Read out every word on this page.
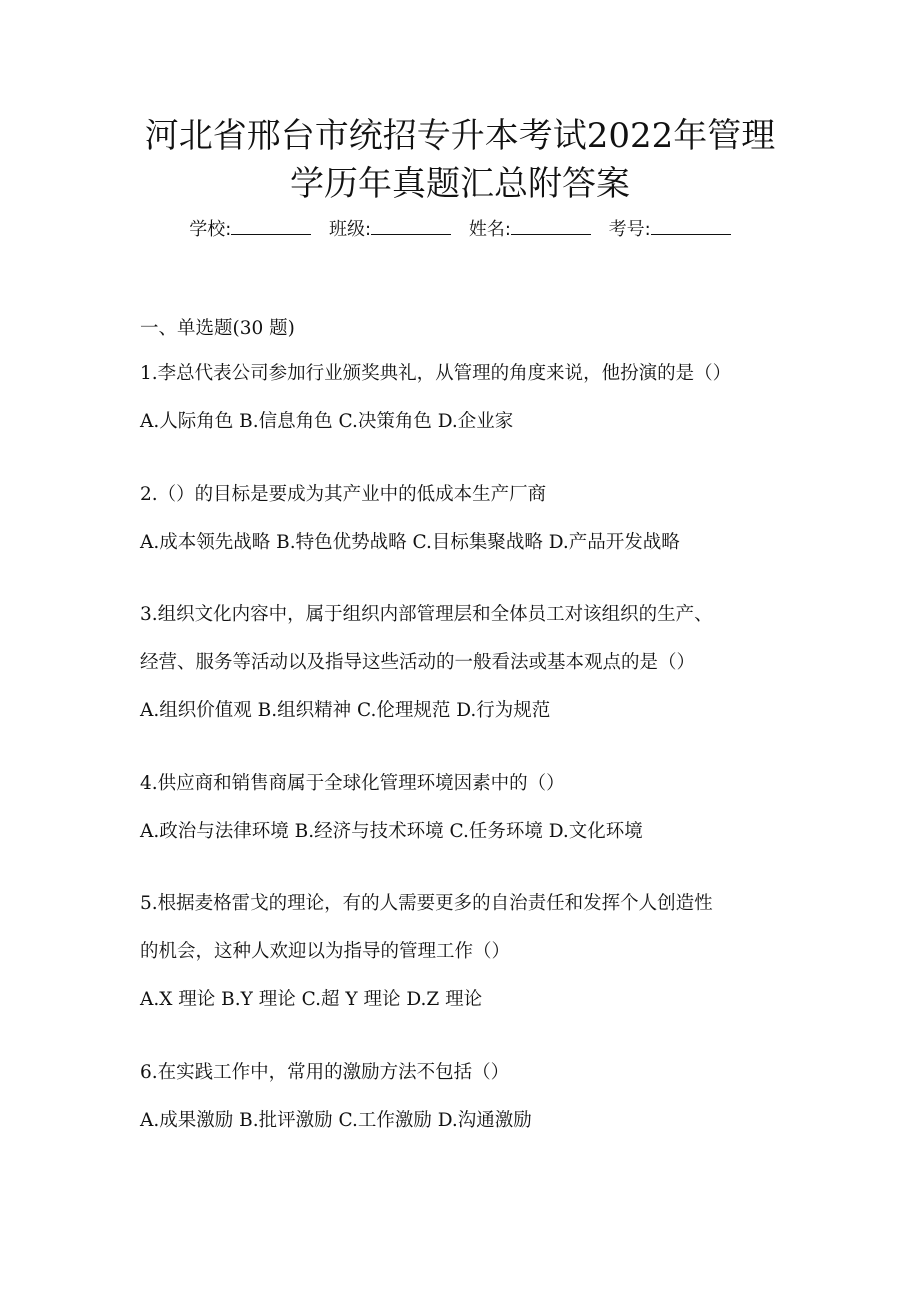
河北省邢台市统招专升本考试2022年管理
学历年真题汇总附答案
学校:	班级:	姓名:	考号:
一、单选题(30 题)
1.李总代表公司参加行业颁奖典礼，从管理的角度来说，他扮演的是（）
A.人际角色 B.信息角色 C.决策角色 D.企业家
2.（）的目标是要成为其产业中的低成本生产厂商
A.成本领先战略 B.特色优势战略 C.目标集聚战略 D.产品开发战略
3.组织文化内容中，属于组织内部管理层和全体员工对该组织的生产、
经营、服务等活动以及指导这些活动的一般看法或基本观点的是（）
A.组织价值观 B.组织精神 C.伦理规范 D.行为规范
4.供应商和销售商属于全球化管理环境因素中的（）
A.政治与法律环境 B.经济与技术环境 C.任务环境 D.文化环境
5.根据麦格雷戈的理论，有的人需要更多的自治责任和发挥个人创造性
的机会，这种人欢迎以为指导的管理工作（）
A.X 理论 B.Y 理论 C.超 Y 理论 D.Z 理论
6.在实践工作中，常用的激励方法不包括（）
A.成果激励 B.批评激励 C.工作激励 D.沟通激励
